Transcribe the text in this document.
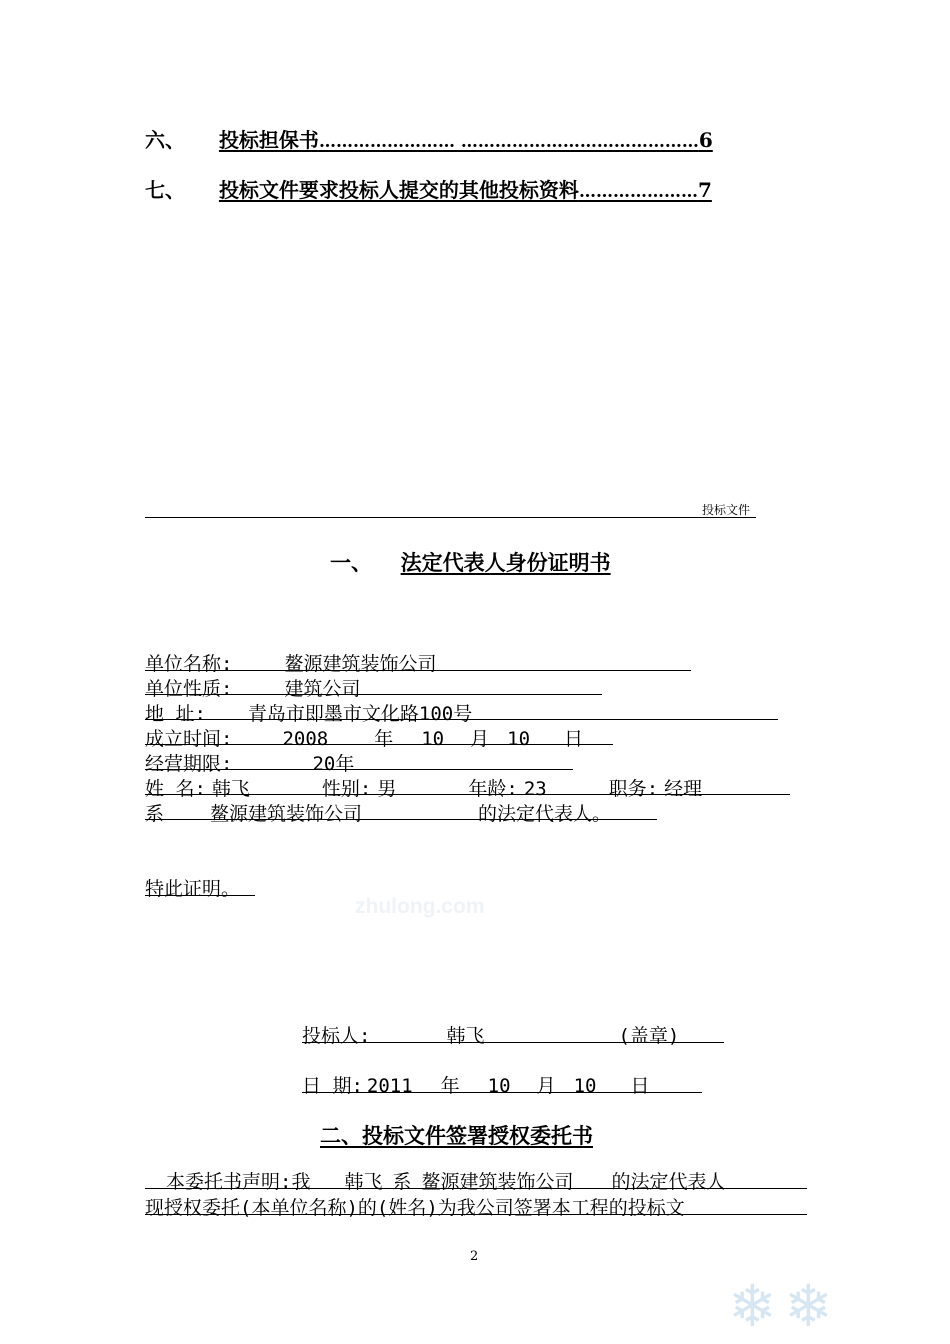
六、 投标担保书…………………… ……………………………………6
七、 投标文件要求投标人提交的其他投标资料…………………7
投标文件
一、 法定代表人身份证明书
单位名称:	鳌源建筑装饰公司
单位性质:	建筑公司
地 址: 青岛市即墨市文化路100号
成立时间:	2008 年 10 月 10 日
经营期限:	20年
姓 名: 韩飞	性别: 男	年龄: 23	职务: 经理
系 鳌源建筑装饰公司	的法定代表人。
特此证明。
zhulong.com
投标人:	韩飞	(盖章)
日 期: 2011 年 10 月 10 日
二、投标文件签署授权委托书
本委托书声明:我 韩飞 系 鳌源建筑装饰公司 的法定代表人
现授权委托(本单位名称)的(姓名)为我公司签署本工程的投标文
2
❄ ❄
